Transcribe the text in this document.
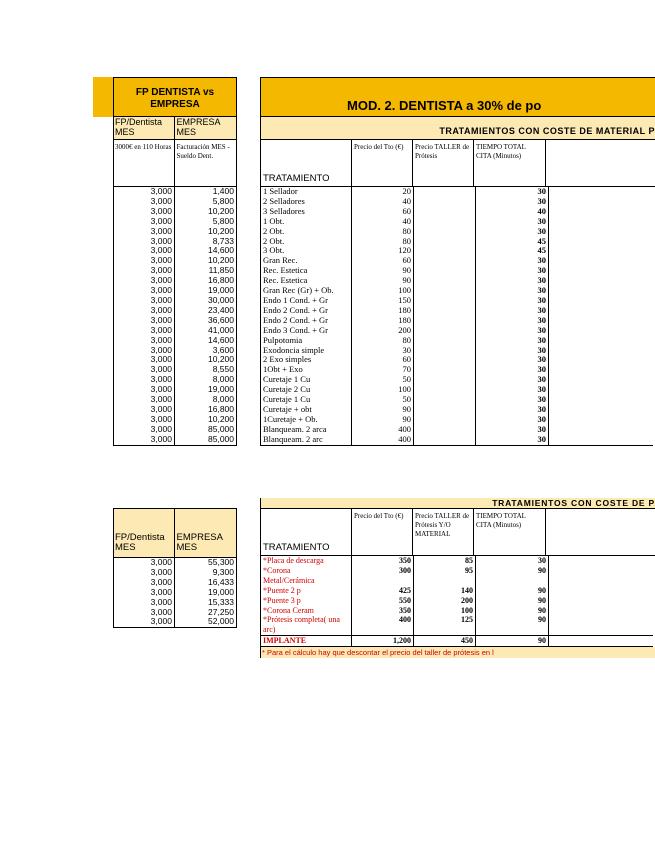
FP DENTISTA vs
EMPRESA
FP/Dentista MES
EMPRESA MES
3000€ en 110 Horas Facturación MES - Sueldo Dent.
3,000	1,400
3,000	5,800
3,000	10,200
3,000	5,800
3,000	10,200
3,000	8,733
3,000	14,600
3,000	10,200
3,000	11,850
3,000	16,800
3,000	19,000
3,000	30,000
3,000	23,400
3,000	36,600
3,000	41,000
3,000	14,600
3,000	3,600
3,000	10,200
3,000	8,550
3,000	8,000
3,000	19,000
3,000	8,000
3,000	16,800
3,000	10,200
3,000	85,000
3,000	85,000
FP/Dentista MES
EMPRESA MES
3,000	55,300

3,000	9,300
3,000	16,433
3,000	19,000
3,000	15,333

3,000	27,250
3,000	52,000
MOD. 2. DENTISTA a 30% de po
TRATAMIENTOS CON COSTE DE MATERIAL P
TRATAMIENTO
Precio del Tto (€)	Precio TALLER de Prótesis
TIEMPO TOTAL CITA (Minutos)
1 Sellador	20		30	
2 Selladores	40		30	
3 Selladores	60		40	
1 Obt.	40		30	
2 Obt.	80		30	
2 Obt.	80		45	
3 Obt.	120		45	
Gran Rec.	60		30	
Rec. Estetica	90		30	
Rec. Estetica	90		30	
Gran Rec (Gr) + Ob.	100		30	
Endo 1 Cond. + Gr	150		30	
Endo 2 Cond. + Gr	180		30	
Endo 2 Cond. + Gr	180		30	
Endo 3 Cond. + Gr	200		30	
Pulpotomia	80		30	
Exodoncia simple	30		30	
2 Exo simples	60		30	
1Obt + Exo	70		30	
Curetaje 1 Cu	50		30	
Curetaje 2 Cu	100		30	
Curetaje 1 Cu	50		30	
Curetaje + obt	90		30	
1Curetaje + Ob.	90		30	
Blanqueam. 2 arca	400		30	
Blanqueam. 2 arc	400		30	
TRATAMIENTOS CON COSTE DE P
TRATAMIENTO
Precio del Tto (€)	Precio TALLER de Prótesis Y/O MATERIAL
TIEMPO TOTAL CITA (Minutos)
*Placa de descarga	350	85	30	
*Corona	300	95	90	
Metal/Cerámica				
*Puente 2 p	425	140	90	
*Puente 3 p	550	200	90	
*Corona Ceram	350	100	90	
*Prótesis completa( una	400	125	90	
arc)				
IMPLANTE	1,200	450	90	
* Para el cálculo hay que descontar el precio del taller de prótesis en l
